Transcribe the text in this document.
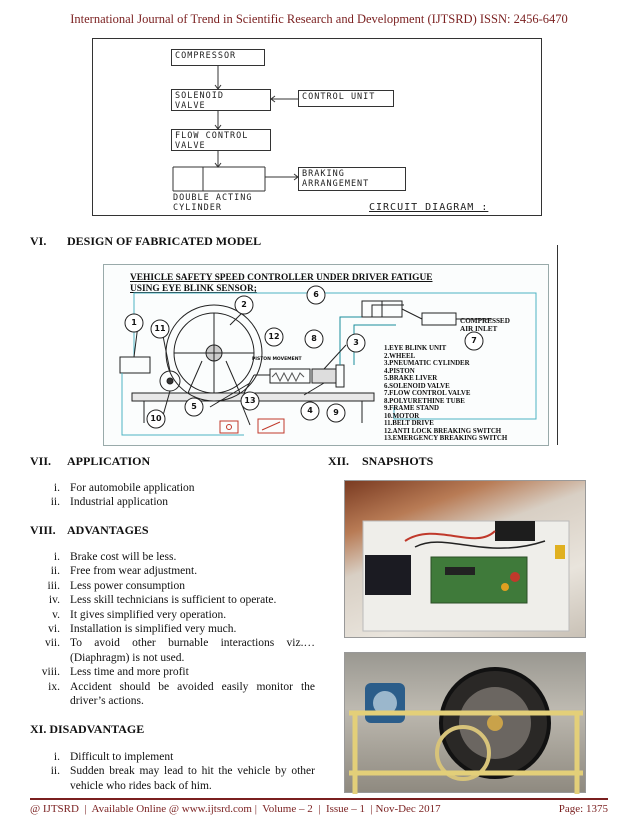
International Journal of Trend in Scientific Research and Development (IJTSRD) ISSN: 2456-6470
COMPRESSOR
SOLENOID
VALVE
CONTROL UNIT
FLOW CONTROL
VALVE
BRAKING
ARRANGEMENT
DOUBLE ACTING
CYLINDER	CIRCUIT DIAGRAM :
VI. DESIGN OF FABRICATED MODEL
VEHICLE SAFETY SPEED CONTROLLER UNDER DRIVER FATIGUE
USING EYE BLINK SENSOR;
1
2
3
4
5
6
7
8
9
10
11
12
13
PISTON MOVEMENT
COMPRESSED
AIR INLET
1.EYE BLINK UNIT
2.WHEEL
3.PNEUMATIC CYLINDER
4.PISTON
5.BRAKE LIVER
6.SOLENOID VALVE
7.FLOW CONTROL VALVE
8.POLYURETHINE TUBE
9.FRAME STAND
10.MOTOR
11.BELT DRIVE
12.ANTI LOCK BREAKING SWITCH
13.EMERGENCY BREAKING SWITCH
VII. APPLICATION
i. For automobile application
ii. Industrial application
VIII. ADVANTAGES
i. Brake cost will be less.
ii. Free from wear adjustment.
iii. Less power consumption
iv. Less skill technicians is sufficient to operate.
v. It gives simplified very operation.
vi. Installation is simplified very much.
vii. To avoid other burnable interactions viz.… (Diaphragm) is not used.
viii. Less time and more profit
ix. Accident should be avoided easily monitor the driver’s actions.
XI. DISADVANTAGE
i. Difficult to implement
ii. Sudden break may lead to hit the vehicle by other vehicle who rides back of him.
XII. SNAPSHOTS
@ IJTSRD  |  Available Online @ www.ijtsrd.com |  Volume – 2  |  Issue – 1  | Nov-Dec 2017	Page: 1375
